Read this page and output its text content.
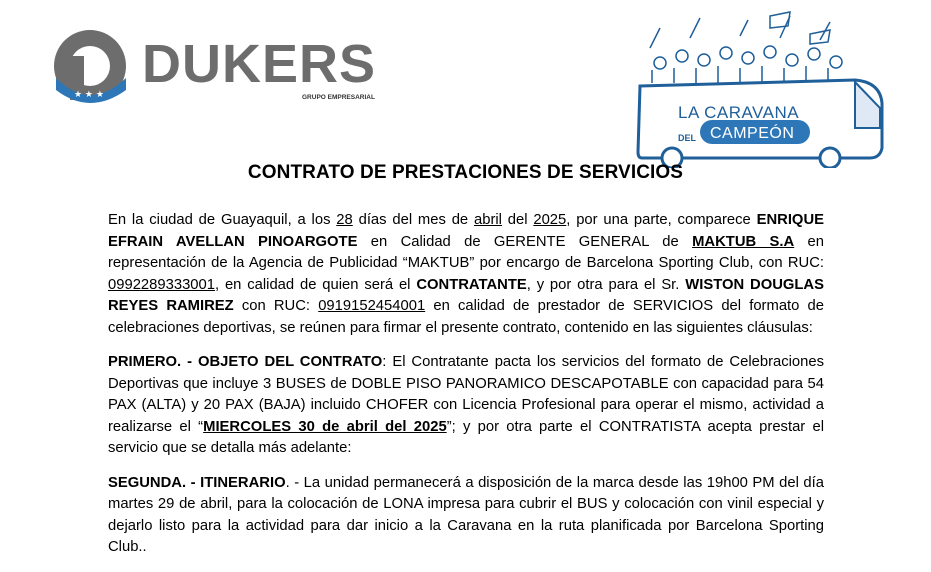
★ ★ ★
DUKERS
GRUPO EMPRESARIAL
LA CARAVANA
DEL CAMPEÓN
CONTRATO DE PRESTACIONES DE SERVICIOS

En la ciudad de Guayaquil, a los 28 días del mes de abril del 2025, por una parte, comparece ENRIQUE EFRAIN AVELLAN PINOARGOTE en Calidad de GERENTE GENERAL de MAKTUB S.A en representación de la Agencia de Publicidad “MAKTUB” por encargo de Barcelona Sporting Club, con RUC: 0992289333001, en calidad de quien será el CONTRATANTE, y por otra para el Sr. WISTON DOUGLAS REYES RAMIREZ con RUC: 0919152454001 en calidad de prestador de SERVICIOS del formato de celebraciones deportivas, se reúnen para firmar el presente contrato, contenido en las siguientes cláusulas:

PRIMERO. - OBJETO DEL CONTRATO: El Contratante pacta los servicios del formato de Celebraciones Deportivas que incluye 3 BUSES de DOBLE PISO PANORAMICO DESCAPOTABLE con capacidad para 54 PAX (ALTA) y 20 PAX (BAJA) incluido CHOFER con Licencia Profesional para operar el mismo, actividad a realizarse el “MIERCOLES 30 de abril del 2025”; y por otra parte el CONTRATISTA acepta prestar el servicio que se detalla más adelante:

SEGUNDA. - ITINERARIO. - La unidad permanecerá a disposición de la marca desde las 19h00 PM del día martes 29 de abril, para la colocación de LONA impresa para cubrir el BUS y colocación con vinil especial y dejarlo listo para la actividad para dar inicio a la Caravana en la ruta planificada por Barcelona Sporting Club..
